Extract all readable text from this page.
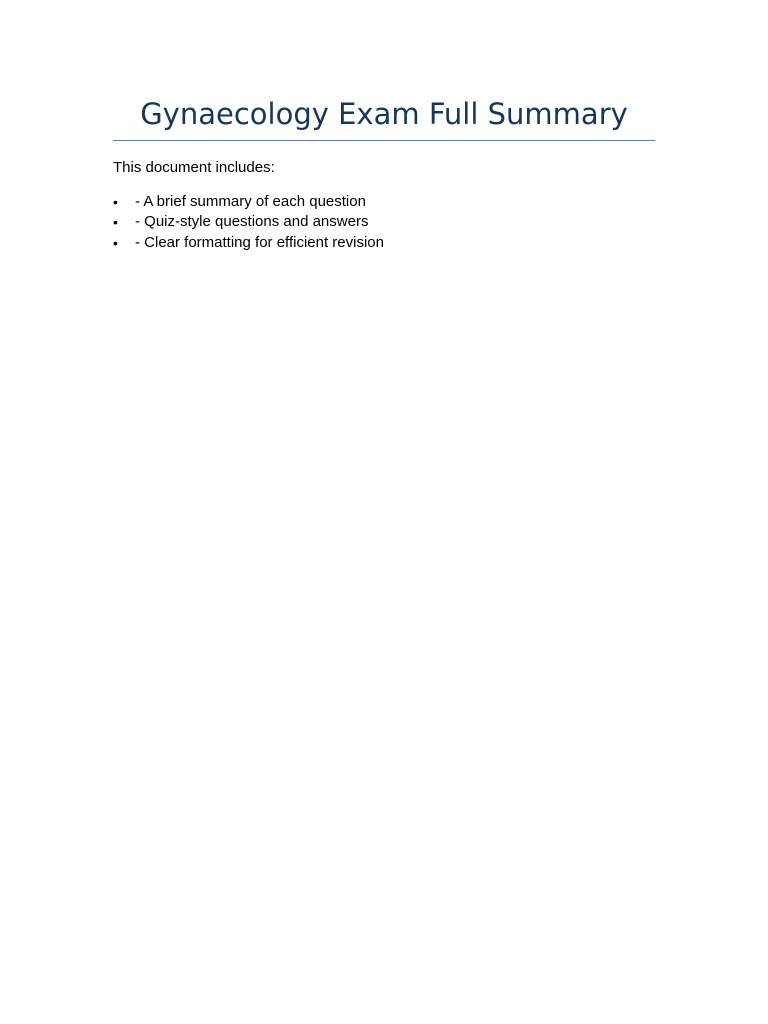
Gynaecology Exam Full Summary

This document includes:

• - A brief summary of each question
• - Quiz-style questions and answers
• - Clear formatting for efficient revision
